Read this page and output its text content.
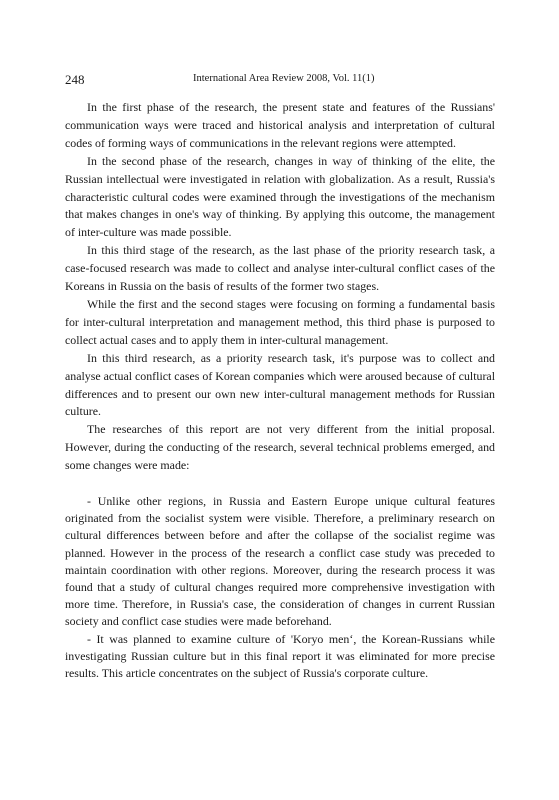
248	International Area Review 2008, Vol. 11(1)

In the first phase of the research, the present state and features of the Russians' communication ways were traced and historical analysis and interpretation of cultural codes of forming ways of communications in the relevant regions were attempted.

In the second phase of the research, changes in way of thinking of the elite, the Russian intellectual were investigated in relation with globalization. As a result, Russia's characteristic cultural codes were examined through the investigations of the mechanism that makes changes in one's way of thinking. By applying this outcome, the management of inter-culture was made possible.

In this third stage of the research, as the last phase of the priority research task, a case-focused research was made to collect and analyse inter-cultural conflict cases of the Koreans in Russia on the basis of results of the former two stages.

While the first and the second stages were focusing on forming a fundamental basis for inter-cultural interpretation and management method, this third phase is purposed to collect actual cases and to apply them in inter-cultural management.

In this third research, as a priority research task, it's purpose was to collect and analyse actual conflict cases of Korean companies which were aroused because of cultural differences and to present our own new inter-cultural management methods for Russian culture.

The researches of this report are not very different from the initial proposal. However, during the conducting of the research, several technical problems emerged, and some changes were made:

- Unlike other regions, in Russia and Eastern Europe unique cultural features originated from the socialist system were visible. Therefore, a preliminary research on cultural differences between before and after the collapse of the socialist regime was planned. However in the process of the research a conflict case study was preceded to maintain coordination with other regions. Moreover, during the research process it was found that a study of cultural changes required more comprehensive investigation with more time. Therefore, in Russia's case, the consideration of changes in current Russian society and conflict case studies were made beforehand.

- It was planned to examine culture of 'Koryo men‘, the Korean-Russians while investigating Russian culture but in this final report it was eliminated for more precise results. This article concentrates on the subject of Russia's corporate culture.
